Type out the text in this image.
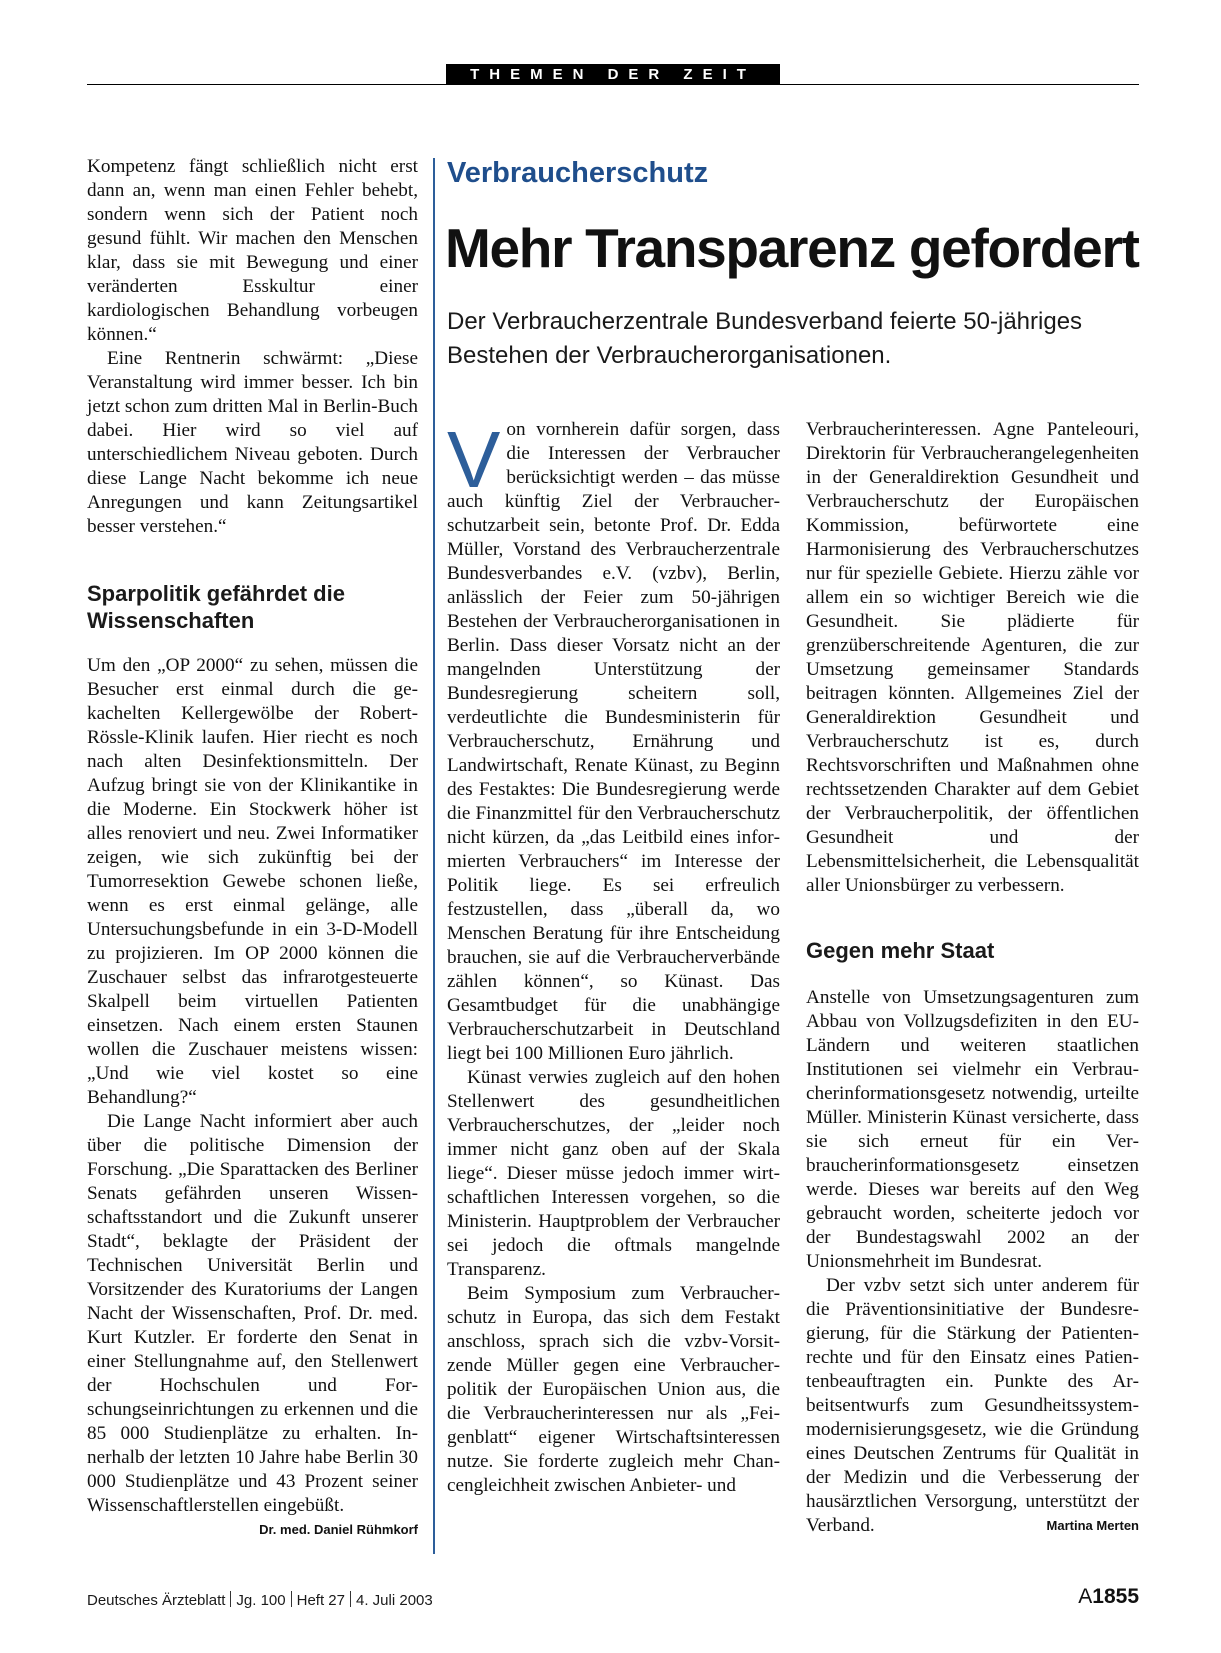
THEMEN DER ZEIT

Kompetenz fängt schließlich nicht erst dann an, wenn man einen Fehler behebt, sondern wenn sich der Patient noch gesund fühlt. Wir machen den Menschen klar, dass sie mit Bewegung und einer veränderten Esskultur einer kardiologischen Behandlung vorbeugen können.“

Eine Rentnerin schwärmt: „Diese Veranstaltung wird immer besser. Ich bin jetzt schon zum dritten Mal in Berlin-Buch dabei. Hier wird so viel auf unterschiedlichem Niveau geboten. Durch diese Lange Nacht bekomme ich neue Anregungen und kann Zeitungsartikel besser verstehen.“

Sparpolitik gefährdet die Wissenschaften

Um den „OP 2000“ zu sehen, müssen die Besucher erst einmal durch die gekachelten Kellergewölbe der Robert-Rössle-Klinik laufen. Hier riecht es noch nach alten Desinfektionsmitteln. Der Aufzug bringt sie von der Klinikantike in die Moderne. Ein Stockwerk höher ist alles renoviert und neu. Zwei Informatiker zeigen, wie sich zukünftig bei der Tumorresektion Gewebe schonen ließe, wenn es erst einmal gelänge, alle Untersuchungsbefunde in ein 3-D-Modell zu projizieren. Im OP 2000 können die Zuschauer selbst das infrarotgesteuerte Skalpell beim virtuellen Patienten einsetzen. Nach einem ersten Staunen wollen die Zuschauer meistens wissen: „Und wie viel kostet so eine Behandlung?“

Die Lange Nacht informiert aber auch über die politische Dimension der Forschung. „Die Sparattacken des Berliner Senats gefährden unseren Wissenschaftsstandort und die Zukunft unserer Stadt“, beklagte der Präsident der Technischen Universität Berlin und Vorsitzender des Kuratoriums der Langen Nacht der Wissenschaften, Prof. Dr. med. Kurt Kutzler. Er forderte den Senat in einer Stellungnahme auf, den Stellenwert der Hochschulen und Forschungseinrichtungen zu erkennen und die 85 000 Studienplätze zu erhalten. Innerhalb der letzten 10 Jahre habe Berlin 30 000 Studienplätze und 43 Prozent seiner Wissenschaftlerstellen eingebüßt.
Dr. med. Daniel Rühmkorf

Verbraucherschutz
Mehr Transparenz gefordert
Der Verbraucherzentrale Bundesverband feierte 50-jähriges Bestehen der Verbraucherorganisationen.

Von vornherein dafür sorgen, dass die Interessen der Verbraucher berücksichtigt werden – das müsse auch künftig Ziel der Verbraucherschutzarbeit sein, betonte Prof. Dr. Edda Müller, Vorstand des Verbraucherzentrale Bundesverbandes e.V. (vzbv), Berlin, anlässlich der Feier zum 50-jährigen Bestehen der Verbraucherorganisationen in Berlin. Dass dieser Vorsatz nicht an der mangelnden Unterstützung der Bundesregierung scheitern soll, verdeutlichte die Bundesministerin für Verbraucherschutz, Ernährung und Landwirtschaft, Renate Künast, zu Beginn des Festaktes: Die Bundesregierung werde die Finanzmittel für den Verbraucherschutz nicht kürzen, da „das Leitbild eines informierten Verbrauchers“ im Interesse der Politik liege. Es sei erfreulich festzustellen, dass „überall da, wo Menschen Beratung für ihre Entscheidung brauchen, sie auf die Verbraucherverbände zählen können“, so Künast. Das Gesamtbudget für die unabhängige Verbraucherschutzarbeit in Deutschland liegt bei 100 Millionen Euro jährlich.

Künast verwies zugleich auf den hohen Stellenwert des gesundheitlichen Verbraucherschutzes, der „leider noch immer nicht ganz oben auf der Skala liege“. Dieser müsse jedoch immer wirtschaftlichen Interessen vorgehen, so die Ministerin. Hauptproblem der Verbraucher sei jedoch die oftmals mangelnde Transparenz.

Beim Symposium zum Verbraucherschutz in Europa, das sich dem Festakt anschloss, sprach sich die vzbv-Vorsitzende Müller gegen eine Verbraucherpolitik der Europäischen Union aus, die die Verbraucherinteressen nur als „Feigenblatt“ eigener Wirtschaftsinteressen nutze. Sie forderte zugleich mehr Chancengleichheit zwischen Anbieter- und

Verbraucherinteressen. Agne Panteleouri, Direktorin für Verbraucherangelegenheiten in der Generaldirektion Gesundheit und Verbraucherschutz der Europäischen Kommission, befürwortete eine Harmonisierung des Verbraucherschutzes nur für spezielle Gebiete. Hierzu zähle vor allem ein so wichtiger Bereich wie die Gesundheit. Sie plädierte für grenzüberschreitende Agenturen, die zur Umsetzung gemeinsamer Standards beitragen könnten. Allgemeines Ziel der Generaldirektion Gesundheit und Verbraucherschutz ist es, durch Rechtsvorschriften und Maßnahmen ohne rechtssetzenden Charakter auf dem Gebiet der Verbraucherpolitik, der öffentlichen Gesundheit und der Lebensmittelsicherheit, die Lebensqualität aller Unionsbürger zu verbessern.

Gegen mehr Staat

Anstelle von Umsetzungsagenturen zum Abbau von Vollzugsdefiziten in den EU-Ländern und weiteren staatlichen Institutionen sei vielmehr ein Verbraucherinformationsgesetz notwendig, urteilte Müller. Ministerin Künast versicherte, dass sie sich erneut für ein Verbraucherinformationsgesetz einsetzen werde. Dieses war bereits auf den Weg gebraucht worden, scheiterte jedoch vor der Bundestagswahl 2002 an der Unionsmehrheit im Bundesrat.

Der vzbv setzt sich unter anderem für die Präventionsinitiative der Bundesregierung, für die Stärkung der Patientenrechte und für den Einsatz eines Patientenbeauftragten ein. Punkte des Arbeitsentwurfs zum Gesundheitssystemmodernisierungsgesetz, wie die Gründung eines Deutschen Zentrums für Qualität in der Medizin und die Verbesserung der hausärztlichen Versorgung, unterstützt der Verband.	Martina Merten

Deutsches Ärzteblatt Jg. 100 Heft 27 4. Juli 2003	A1855
